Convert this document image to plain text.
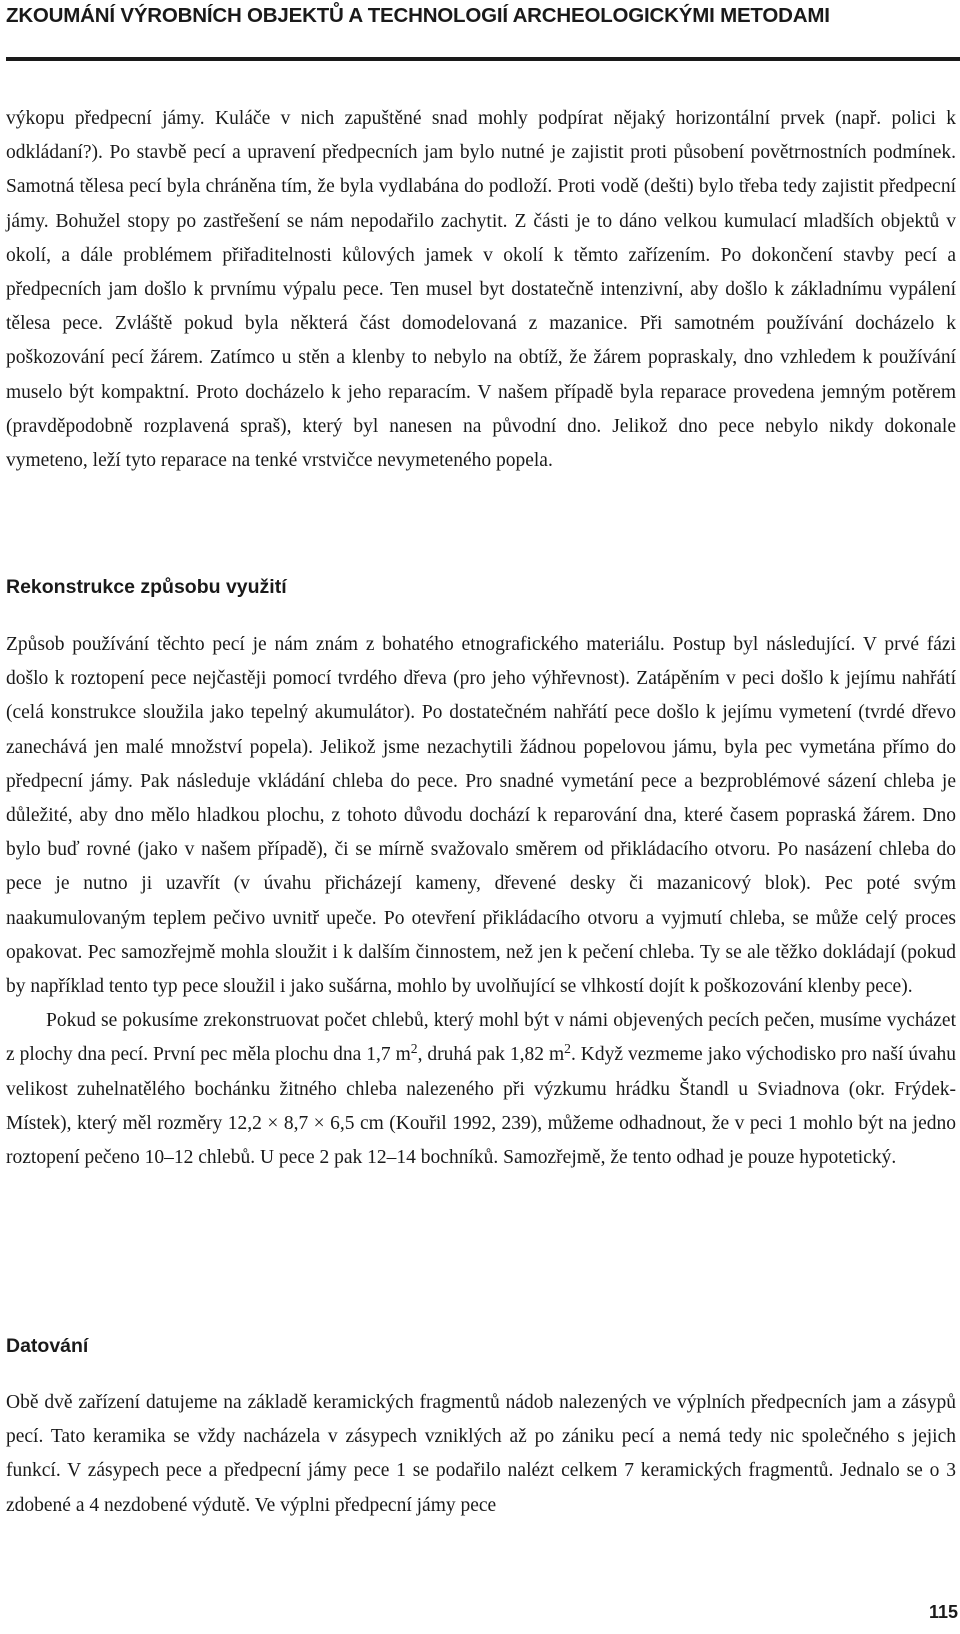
ZKOUMÁNÍ VÝROBNÍCH OBJEKTŮ A TECHNOLOGIÍ ARCHEOLOGICKÝMI METODAMI

výkopu předpecní jámy. Kuláče v nich zapuštěné snad mohly podpírat nějaký horizontální prvek (např. polici k odkládaní?). Po stavbě pecí a upravení předpecních jam bylo nutné je zajistit proti působení povětrnostních podmínek. Samotná tělesa pecí byla chráněna tím, že byla vydlabána do podloží. Proti vodě (dešti) bylo třeba tedy zajistit předpecní jámy. Bohužel stopy po zastřešení se nám nepodařilo zachytit. Z části je to dáno velkou kumulací mladších objektů v okolí, a dále problémem přiřaditelnosti kůlových jamek v okolí k těmto zařízením. Po dokončení stavby pecí a předpecních jam došlo k prvnímu výpalu pece. Ten musel byt dostatečně intenzivní, aby došlo k základnímu vypálení tělesa pece. Zvláště pokud byla některá část domodelovaná z mazanice. Při samotném používání docházelo k poškozování pecí žárem. Zatímco u stěn a klenby to nebylo na obtíž, že žárem popraskaly, dno vzhledem k používání muselo být kompaktní. Proto docházelo k jeho reparacím. V našem případě byla reparace provedena jemným potěrem (pravděpodobně rozplavená spraš), který byl nanesen na původní dno. Jelikož dno pece nebylo nikdy dokonale vymeteno, leží tyto reparace na tenké vrstvičce nevymeteného popela.

Rekonstrukce způsobu využití

Způsob používání těchto pecí je nám znám z bohatého etnografického materiálu. Postup byl následující. V prvé fázi došlo k roztopení pece nejčastěji pomocí tvrdého dřeva (pro jeho výhřevnost). Zatápěním v peci došlo k jejímu nahřátí (celá konstrukce sloužila jako tepelný akumulátor). Po dostatečném nahřátí pece došlo k jejímu vymetení (tvrdé dřevo zanechává jen malé množství popela). Jelikož jsme nezachytili žádnou popelovou jámu, byla pec vymetána přímo do předpecní jámy. Pak následuje vkládání chleba do pece. Pro snadné vymetání pece a bezproblémové sázení chleba je důležité, aby dno mělo hladkou plochu, z tohoto důvodu dochází k reparování dna, které časem popraská žárem. Dno bylo buď rovné (jako v našem případě), či se mírně svažovalo směrem od přikládacího otvoru. Po nasázení chleba do pece je nutno ji uzavřít (v úvahu přicházejí kameny, dřevené desky či mazanicový blok). Pec poté svým naakumulovaným teplem pečivo uvnitř upeče. Po otevření přikládacího otvoru a vyjmutí chleba, se může celý proces opakovat. Pec samozřejmě mohla sloužit i k dalším činnostem, než jen k pečení chleba. Ty se ale těžko dokládají (pokud by například tento typ pece sloužil i jako sušárna, mohlo by uvolňující se vlhkostí dojít k poškozování klenby pece).

Pokud se pokusíme zrekonstruovat počet chlebů, který mohl být v námi objevených pecích pečen, musíme vycházet z plochy dna pecí. První pec měla plochu dna 1,7 $m^2$, druhá pak 1,82 $m^2$. Když vezmeme jako východisko pro naší úvahu velikost zuhelnatělého bochánku žitného chleba nalezeného při výzkumu hrádku Štandl u Sviadnova (okr. Frýdek-Místek), který měl rozměry 12,2 × 8,7 × 6,5 cm (Kouřil 1992, 239), můžeme odhadnout, že v peci 1 mohlo být na jedno roztopení pečeno 10–12 chlebů. U pece 2 pak 12–14 bochníků. Samozřejmě, že tento odhad je pouze hypotetický.

Datování

Obě dvě zařízení datujeme na základě keramických fragmentů nádob nalezených ve výplních předpecních jam a zásypů pecí. Tato keramika se vždy nacházela v zásypech vzniklých až po zániku pecí a nemá tedy nic společného s jejich funkcí. V zásypech pece a předpecní jámy pece 1 se podařilo nalézt celkem 7 keramických fragmentů. Jednalo se o 3 zdobené a 4 nezdobené výdutě. Ve výplni předpecní jámy pece

115
